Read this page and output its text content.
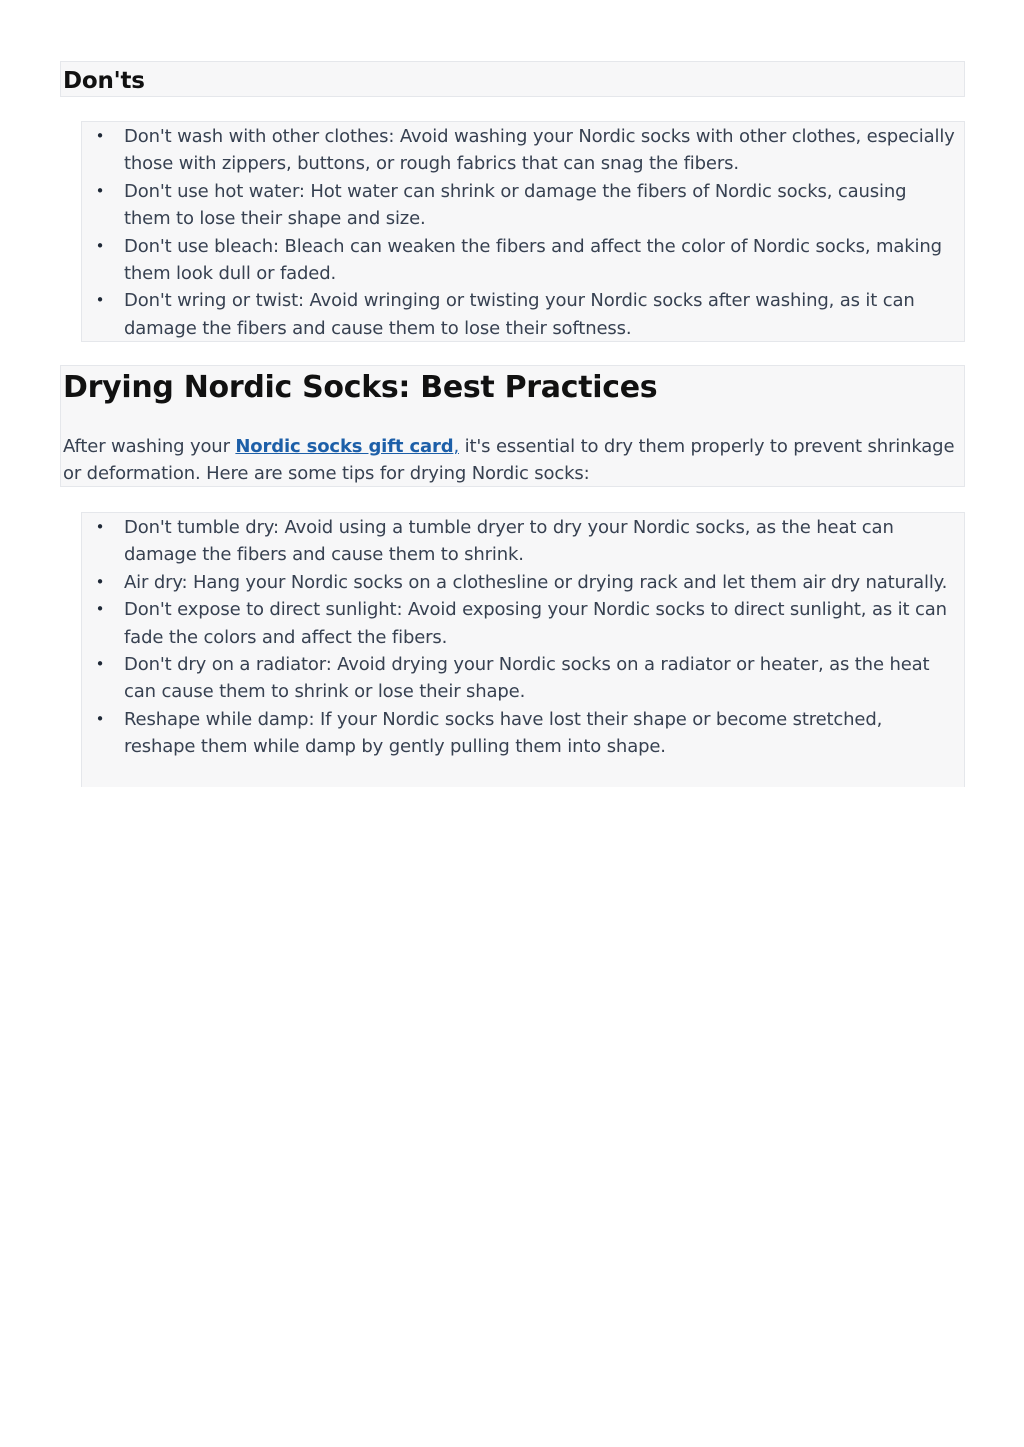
Don'ts
• Don't wash with other clothes: Avoid washing your Nordic socks with other clothes, especially those with zippers, buttons, or rough fabrics that can snag the fibers.
• Don't use hot water: Hot water can shrink or damage the fibers of Nordic socks, causing them to lose their shape and size.
• Don't use bleach: Bleach can weaken the fibers and affect the color of Nordic socks, making them look dull or faded.
• Don't wring or twist: Avoid wringing or twisting your Nordic socks after washing, as it can damage the fibers and cause them to lose their softness.
Drying Nordic Socks: Best Practices

After washing your Nordic socks gift card, it's essential to dry them properly to prevent shrinkage or deformation. Here are some tips for drying Nordic socks:

• Don't tumble dry: Avoid using a tumble dryer to dry your Nordic socks, as the heat can damage the fibers and cause them to shrink.
• Air dry: Hang your Nordic socks on a clothesline or drying rack and let them air dry naturally.
• Don't expose to direct sunlight: Avoid exposing your Nordic socks to direct sunlight, as it can fade the colors and affect the fibers.
• Don't dry on a radiator: Avoid drying your Nordic socks on a radiator or heater, as the heat can cause them to shrink or lose their shape.
• Reshape while damp: If your Nordic socks have lost their shape or become stretched, reshape them while damp by gently pulling them into shape.
